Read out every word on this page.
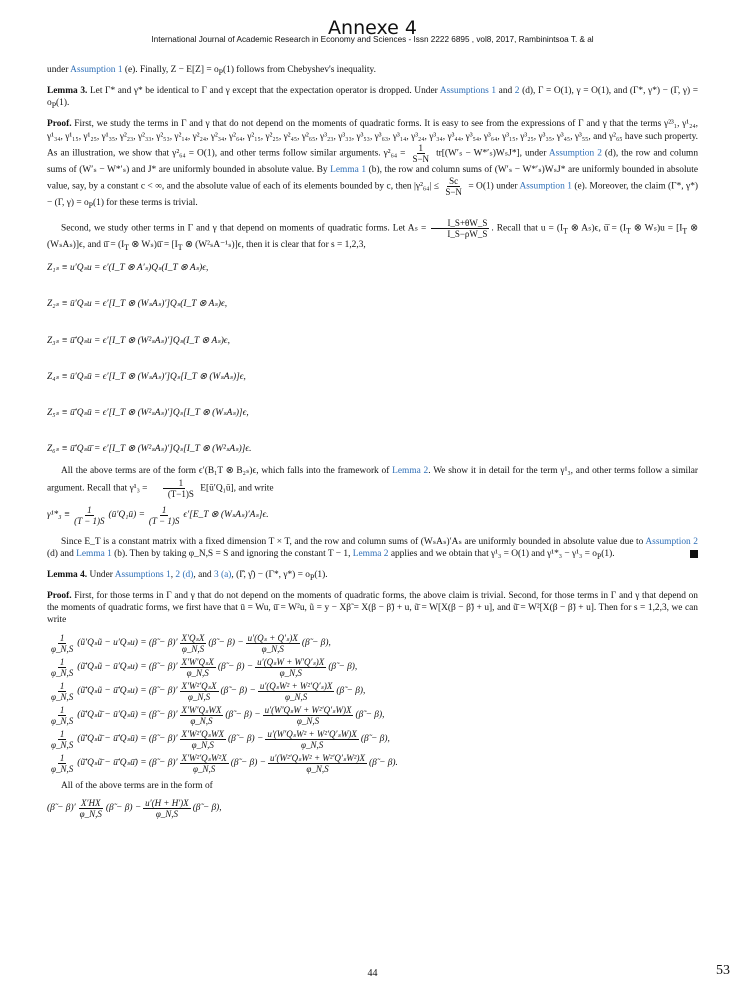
Annexe 4
International Journal of Academic Research in Economy and Sciences - Issn 2222 6895 , vol8, 2017, Rambinintsoa T. & al

under Assumption 1 (e). Finally, $Z - E[Z] = o_P(1)$ follows from Chebyshev's inequality.

Lemma 3. Let Γ* and γ* be identical to Γ and γ except that the expectation operator is dropped. Under Assumptions 1 and 2 (d), Γ = O(1), γ = O(1), and (Γ*, γ*) − (Γ, $\gamma) = o_P(1)$.

Proof. First, we study the terms in Γ and γ that do not depend on the moments of quadratic forms. It is easy to see from the expressions of Γ and γ that the terms γ²³₁, γ¹₂₄, γ¹₃₄, γ¹₁₅, γ¹₂₅, γ¹₃₅, γ²₂₃, γ²₃₃, γ²₅₃, γ²₁₄, γ²₂₄, γ²₃₄, γ²₆₄, γ²₁₅, γ²₂₅, γ²₄₅, γ²₆₅, γ³₂₃, γ³₃₃, γ³₅₃, γ³₆₃, γ³₁₄, γ³₂₄, γ³₃₄, γ³₄₄, γ³₅₄, γ³₆₄, γ³₁₅, γ³₂₅, γ³₃₅, γ³₄₅, γ³₅₅, and γ²₆₅ have such property. As an illustration, we show that γ²₆₄ = O(1), and other terms follow similar arguments. $\gamma^2_{64} = \frac{1}{S-N} tr[(W'_s - W*'_s)W_sJ*]$, under Assumption 2 (d), the row and column sums of (W′ₛ − W*′ₛ) and J* are uniformly bounded in absolute value. By Lemma 1 (b), the row and column sums of (W′ₛ − W*′ₛ)WₛJ* are uniformly bounded in absolute value, say, by a constant c < ∞, and the absolute value of each of its elements bounded by c, then $|\gamma^2_{64}| \le \frac{Sc}{S-N} = O(1)$ under Assumption 1 (e). Moreover, the claim (Γ*, γ*) − (Γ, $\gamma) = o_P(1)$ for these terms is trivial.

Second, we study other terms in Γ and γ that depend on moments of quadratic forms. Let $A_s = \frac{I\_S+\theta W\_S}{I\_S-\rho W\_S}$ . Recall that $u = (I_T$ ⊗ Aₛ)ϵ, ū̄ = ($I_T$ ⊗ $W_s)u = [I_T$ ⊗ (WₛAₛ)]ϵ, and ū̄̄ = ($I_T$ ⊗ Wₛ)ū̄ = [$I_T$ ⊗ (W²ₛA⁻¹ₛ)]ϵ, then it is clear that for s = 1,2,3,

Z₁ₛ ≡ u′Qₛu = ϵ′(I_T ⊗ A′ₛ)Qₛ(I_T ⊗ Aₛ)ϵ,
Z₂ₛ ≡ ū′Qₛu = ϵ′[I_T ⊗ (WₛAₛ)′]Qₛ(I_T ⊗ Aₛ)ϵ,
Z₃ₛ ≡ ū̄′Qₛu = ϵ′[I_T ⊗ (W²ₛAₛ)′]Qₛ(I_T ⊗ Aₛ)ϵ,
Z₄ₛ ≡ ū′Qₛū = ϵ′[I_T ⊗ (WₛAₛ)′]Qₛ[I_T ⊗ (WₛAₛ)]ϵ,
Z₅ₛ ≡ ū̄′Qₛū = ϵ′[I_T ⊗ (W²ₛAₛ)′]Qₛ[I_T ⊗ (WₛAₛ)]ϵ,
Z₆ₛ ≡ ū̄′Qₛū̄ = ϵ′[I_T ⊗ (W²ₛAₛ)′]Qₛ[I_T ⊗ (W²ₛAₛ)]ϵ.

All the above terms are of the form ϵ′(B₁T ⊗ B₂ₛ)ϵ, which falls into the framework of Lemma 2. We show it in detail for the term γ¹₃, and other terms follow a similar argument. Recall that $\gamma^1_3 = \frac{1}{(T-1)S}$ E[ū′Q₁ū], and write

$\gamma^1*_3 \equiv \frac{1}{(T - 1)S}$ (ū′Q₁ū) = $\frac{1}{(T - 1)S}$ ϵ′[E_T ⊗ (WₛAₛ)′Aₛ]ϵ.

Since E_T is a constant matrix with a fixed dimension T × T, and the row and column sums of (WₛAₛ)′Aₛ are uniformly bounded in absolute value due to Assumption 2 (d) and Lemma 1 (b). Then by taking φ_N,S = S and ignoring the constant T − 1, Lemma 2 applies and we obtain that γ¹₃ = O(1) and $\gamma^1*_3 - \gamma^1_3 = o_P(1)$.

Lemma 4. Under Assumptions 1, 2 (d), and 3 (a), (Γ̂, γ̂) − (Γ*, $\gamma*) = o_P(1)$.

Proof. First, for those terms in Γ and γ that do not depend on the moments of quadratic forms, the above claim is trivial. Second, for those terms in Γ and γ that depend on the moments of quadratic forms, we first have that ū = Wu, ū̄ = W²u, ũ = y − Xβ̃ = X(β − β̃) + u, ũ̄ = W[X(β − β̃) + u], and ũ̄̄ = W²[X(β − β̃) + u]. Then for s = 1,2,3, we can write

$\frac{1}{\varphi\_N,S}$ (ũ′Qₛũ − u′Qₛu) = (β̃ − $\beta)' \frac{\text{X′QₛX}}{\varphi\_N,S}$ (β̃ − $\beta) - \frac{\text{u′(Qₛ + Q′ₛ)X}}{\varphi\_N,S}$ (β̃ − β),
$\frac{1}{\varphi\_N,S}$ (ũ̄′Qₛũ − ū′Qₛu) = (β̃ − $\beta)' \frac{\text{X′W′QₛX}}{\varphi\_N,S}$ (β̃ − $\beta) - \frac{\text{u′(QₛW + W′Q′ₛ)X}}{\varphi\_N,S}$ (β̃ − β),
$\frac{1}{\varphi\_N,S}$ (ũ̄̄′Qₛũ − ū̄′Qₛu) = (β̃ − $\beta)' \frac{\text{X′W²′QₛX}}{\varphi\_N,S}$ (β̃ − $\beta) - \frac{\text{u′(QₛW² + W²′Q′ₛ)X}}{\varphi\_N,S}$ (β̃ − β),
$\frac{1}{\varphi\_N,S}$ (ũ̄′Qₛũ̄ − ū′Qₛū) = (β̃ − $\beta)' \frac{\text{X′W′QₛWX}}{\varphi\_N,S}$ (β̃ − $\beta) - \frac{\text{u′(W′QₛW + W²′Q′ₛW)X}}{\varphi\_N,S}$ (β̃ − β),
$\frac{1}{\varphi\_N,S}$ (ũ̄̄′Qₛũ̄ − ū̄′Qₛū) = (β̃ − $\beta)' \frac{\text{X′W²′QₛWX}}{\varphi\_N,S}$ (β̃ − $\beta) - \frac{\text{u′(W′QₛW² + W²′Q′ₛW)X}}{\varphi\_N,S}$ (β̃ − β),
$\frac{1}{\varphi\_N,S}$ (ũ̄̄′Qₛũ̄̄ − ū̄′Qₛū̄) = (β̃ − $\beta)' \frac{\text{X′W²′QₛW²X}}{\varphi\_N,S}$ (β̃ − $\beta) - \frac{\text{u′(W²′QₛW² + W²′Q′ₛW²)X}}{\varphi\_N,S}$ (β̃ − β).

All of the above terms are in the form of

(β̃ − $\beta)' \frac{X'HX}{\varphi\_N,S}$ (β̃ − $\beta) - \frac{u'(H + H')X}{\varphi\_N,S}$ (β̃ − β),
44	53
